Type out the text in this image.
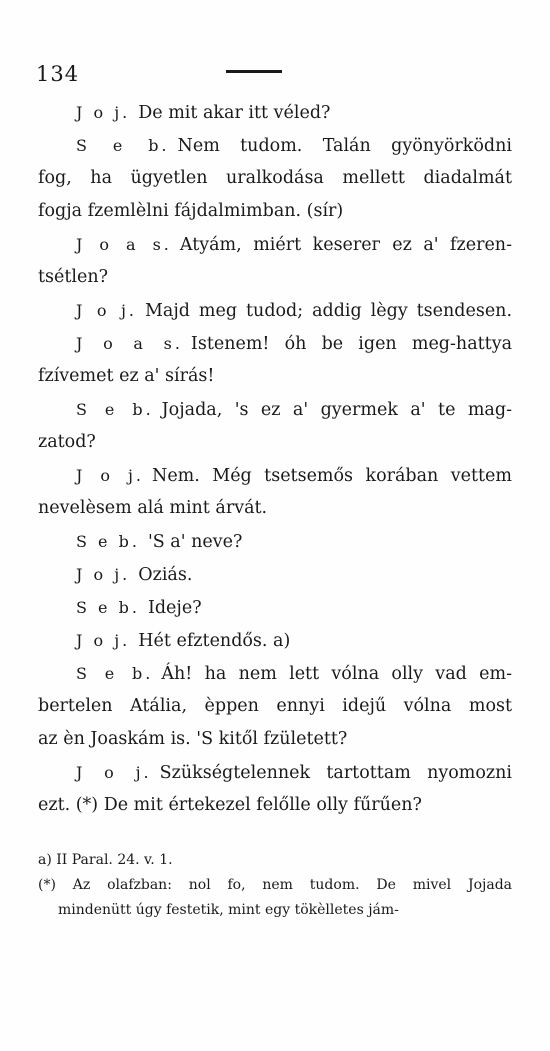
134
J o j. De mit akar itt véled?
S e b. Nem tudom. Talán gyönyörködni
fog, ha ügyetlen uralkodása mellett diadalmát
fogja fzemlèlni fájdalmimban. (sír)
J o a s. Atyám, miért keserег ez a' fzeren-
tsétlen?
J o j. Majd meg tudod; addig lègy tsendesen.
J o a s. Istenem! óh be igen meg-hattya
fzívemet ez a' sírás!
S e b. Jojada, 's ez a' gyermek a' te mag-
zatod?
J o j. Nem. Még tsetsemős korában vettem
nevelèsem alá mint árvát.
S e b. 'S a' neve?
J o j. Oziás.
S e b. Ideje?
J o j. Hét efztendős. a)
S e b. Áh! ha nem lett vólna olly vad em-
bertelen Atália, èppen ennyi idejű vólna most
az èn Joaskám is. 'S kitől fzületett?
J o j. Szükségtelennek tartottam nyomozni
ezt. (*) De mit értekezel felőlle olly fűrűen?
a) II Paral. 24. v. 1.
(*) Az olafzban: nol fo, nem tudom. De mivel Jojada
mindenütt úgy festetik, mint egy tökèlletes jám-
